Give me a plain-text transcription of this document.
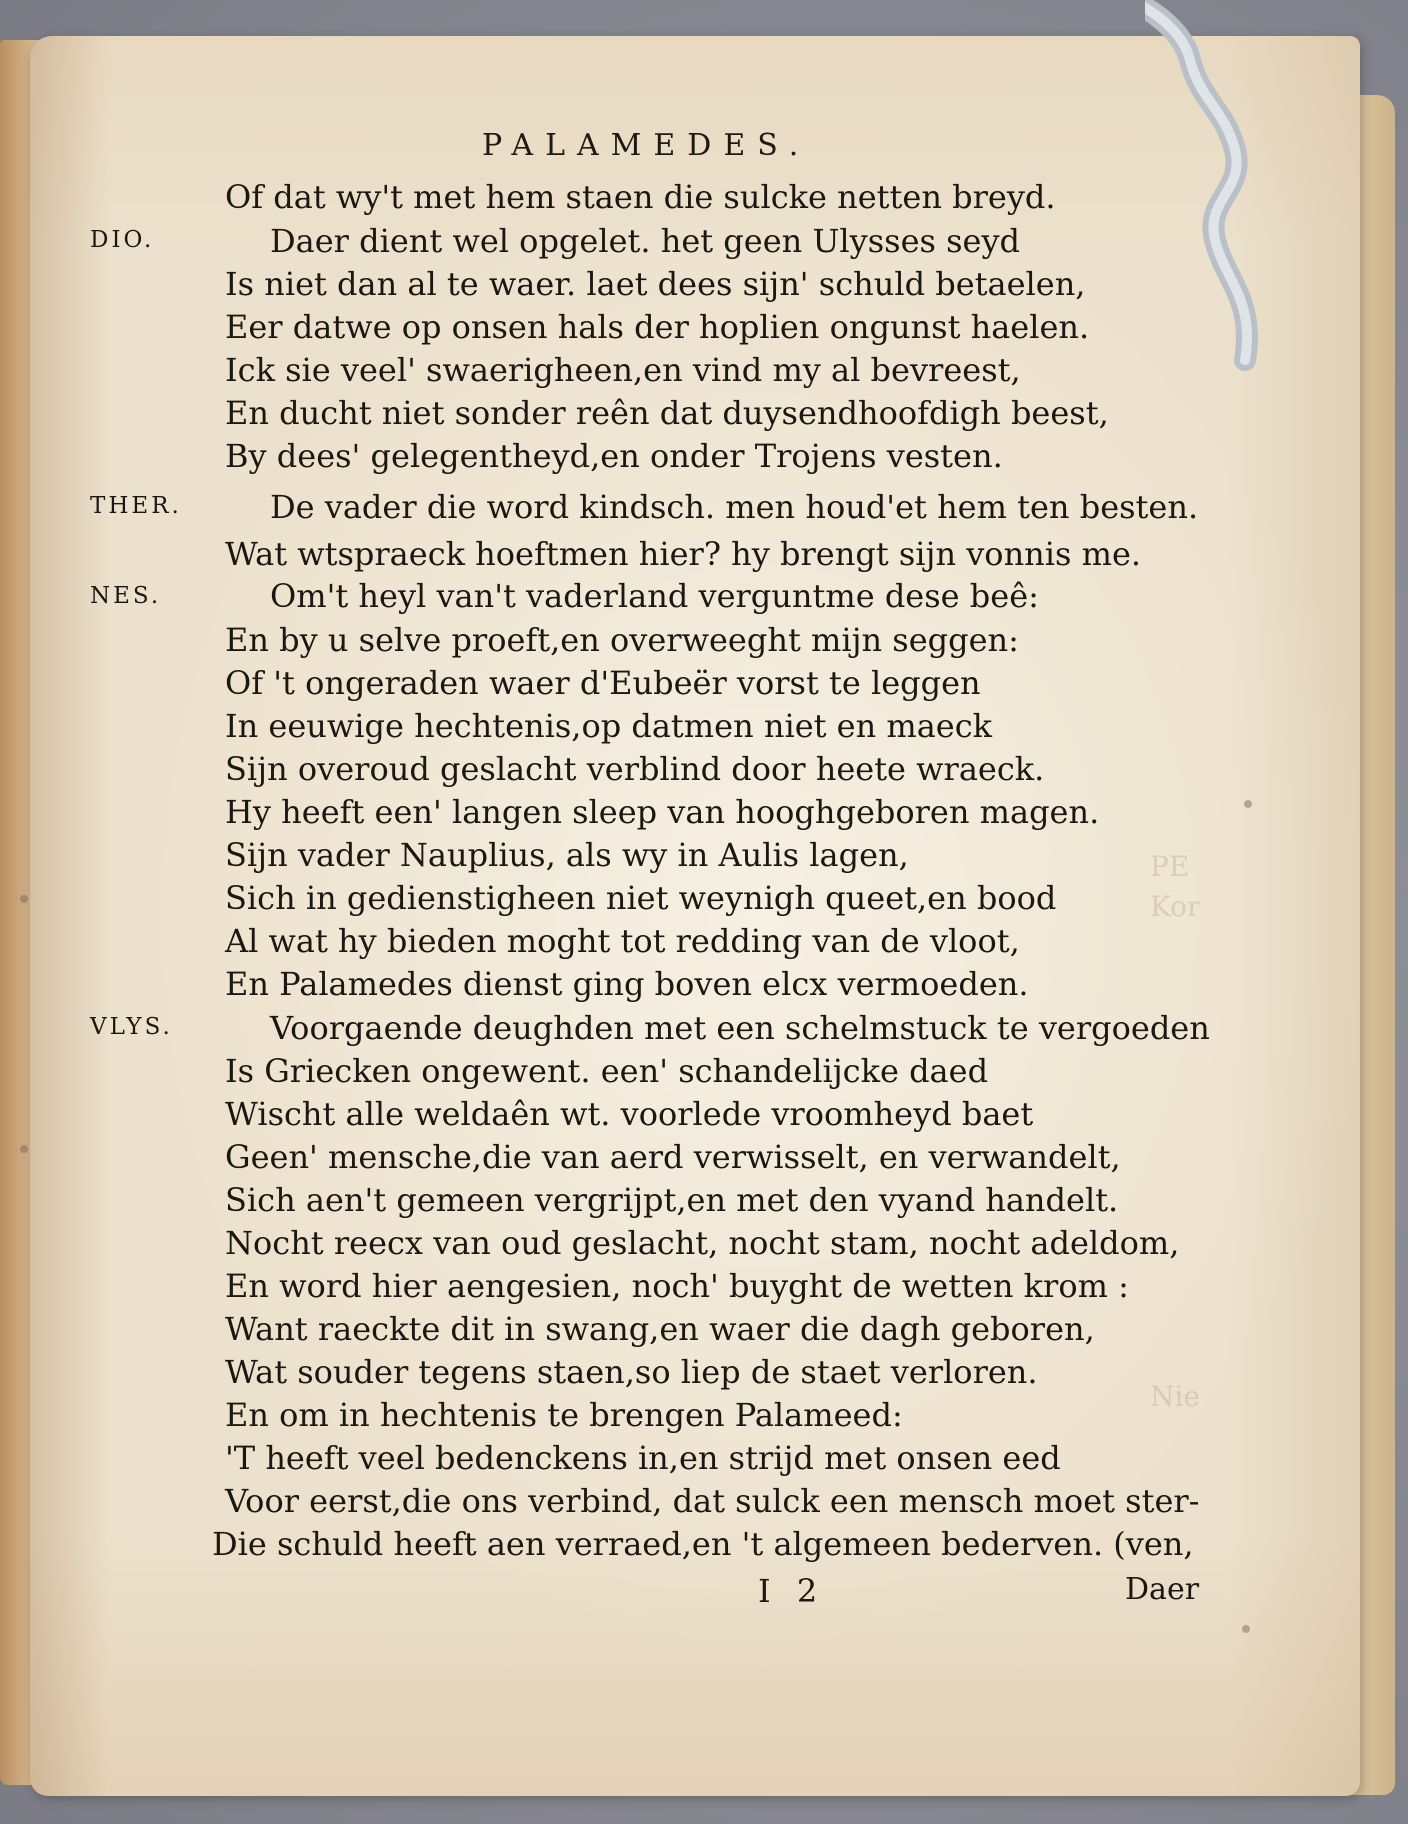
PE
Kor
Nie
PALAMEDES.
DIO.
THER.
NES.
VLYS.
Of dat wy't met hem staen die sulcke netten breyd.
Daer dient wel opgelet. het geen Ulysses seyd
Is niet dan al te waer. laet dees sijn' schuld betaelen,
Eer datwe op onsen hals der hoplien ongunst haelen.
Ick sie veel' swaerigheen,en vind my al bevreest,
En ducht niet sonder reên dat duysendhoofdigh beest,
By dees' gelegentheyd,en onder Trojens vesten.
De vader die word kindsch. men houd'et hem ten besten.
Wat wtspraeck hoeftmen hier? hy brengt sijn vonnis me.
Om't heyl van't vaderland verguntme dese beê:
En by u selve proeft,en overweeght mijn seggen:
Of 't ongeraden waer d'Eubeër vorst te leggen
In eeuwige hechtenis,op datmen niet en maeck
Sijn overoud geslacht verblind door heete wraeck.
Hy heeft een' langen sleep van hooghgeboren magen.
Sijn vader Nauplius, als wy in Aulis lagen,
Sich in gedienstigheen niet weynigh queet,en bood
Al wat hy bieden moght tot redding van de vloot,
En Palamedes dienst ging boven elcx vermoeden.
Voorgaende deughden met een schelmstuck te vergoeden
Is Griecken ongewent. een' schandelijcke daed
Wischt alle weldaên wt. voorlede vroomheyd baet
Geen' mensche,die van aerd verwisselt, en verwandelt,
Sich aen't gemeen vergrijpt,en met den vyand handelt.
Nocht reecx van oud geslacht, nocht stam, nocht adeldom,
En word hier aengesien, noch' buyght de wetten krom :
Want raeckte dit in swang,en waer die dagh geboren,
Wat souder tegens staen,so liep de staet verloren.
En om in hechtenis te brengen Palameed:
'T heeft veel bedenckens in,en strijd met onsen eed
Voor eerst,die ons verbind, dat sulck een mensch moet ster-
Die schuld heeft aen verraed,en 't algemeen bederven. (ven,
I 2	Daer
